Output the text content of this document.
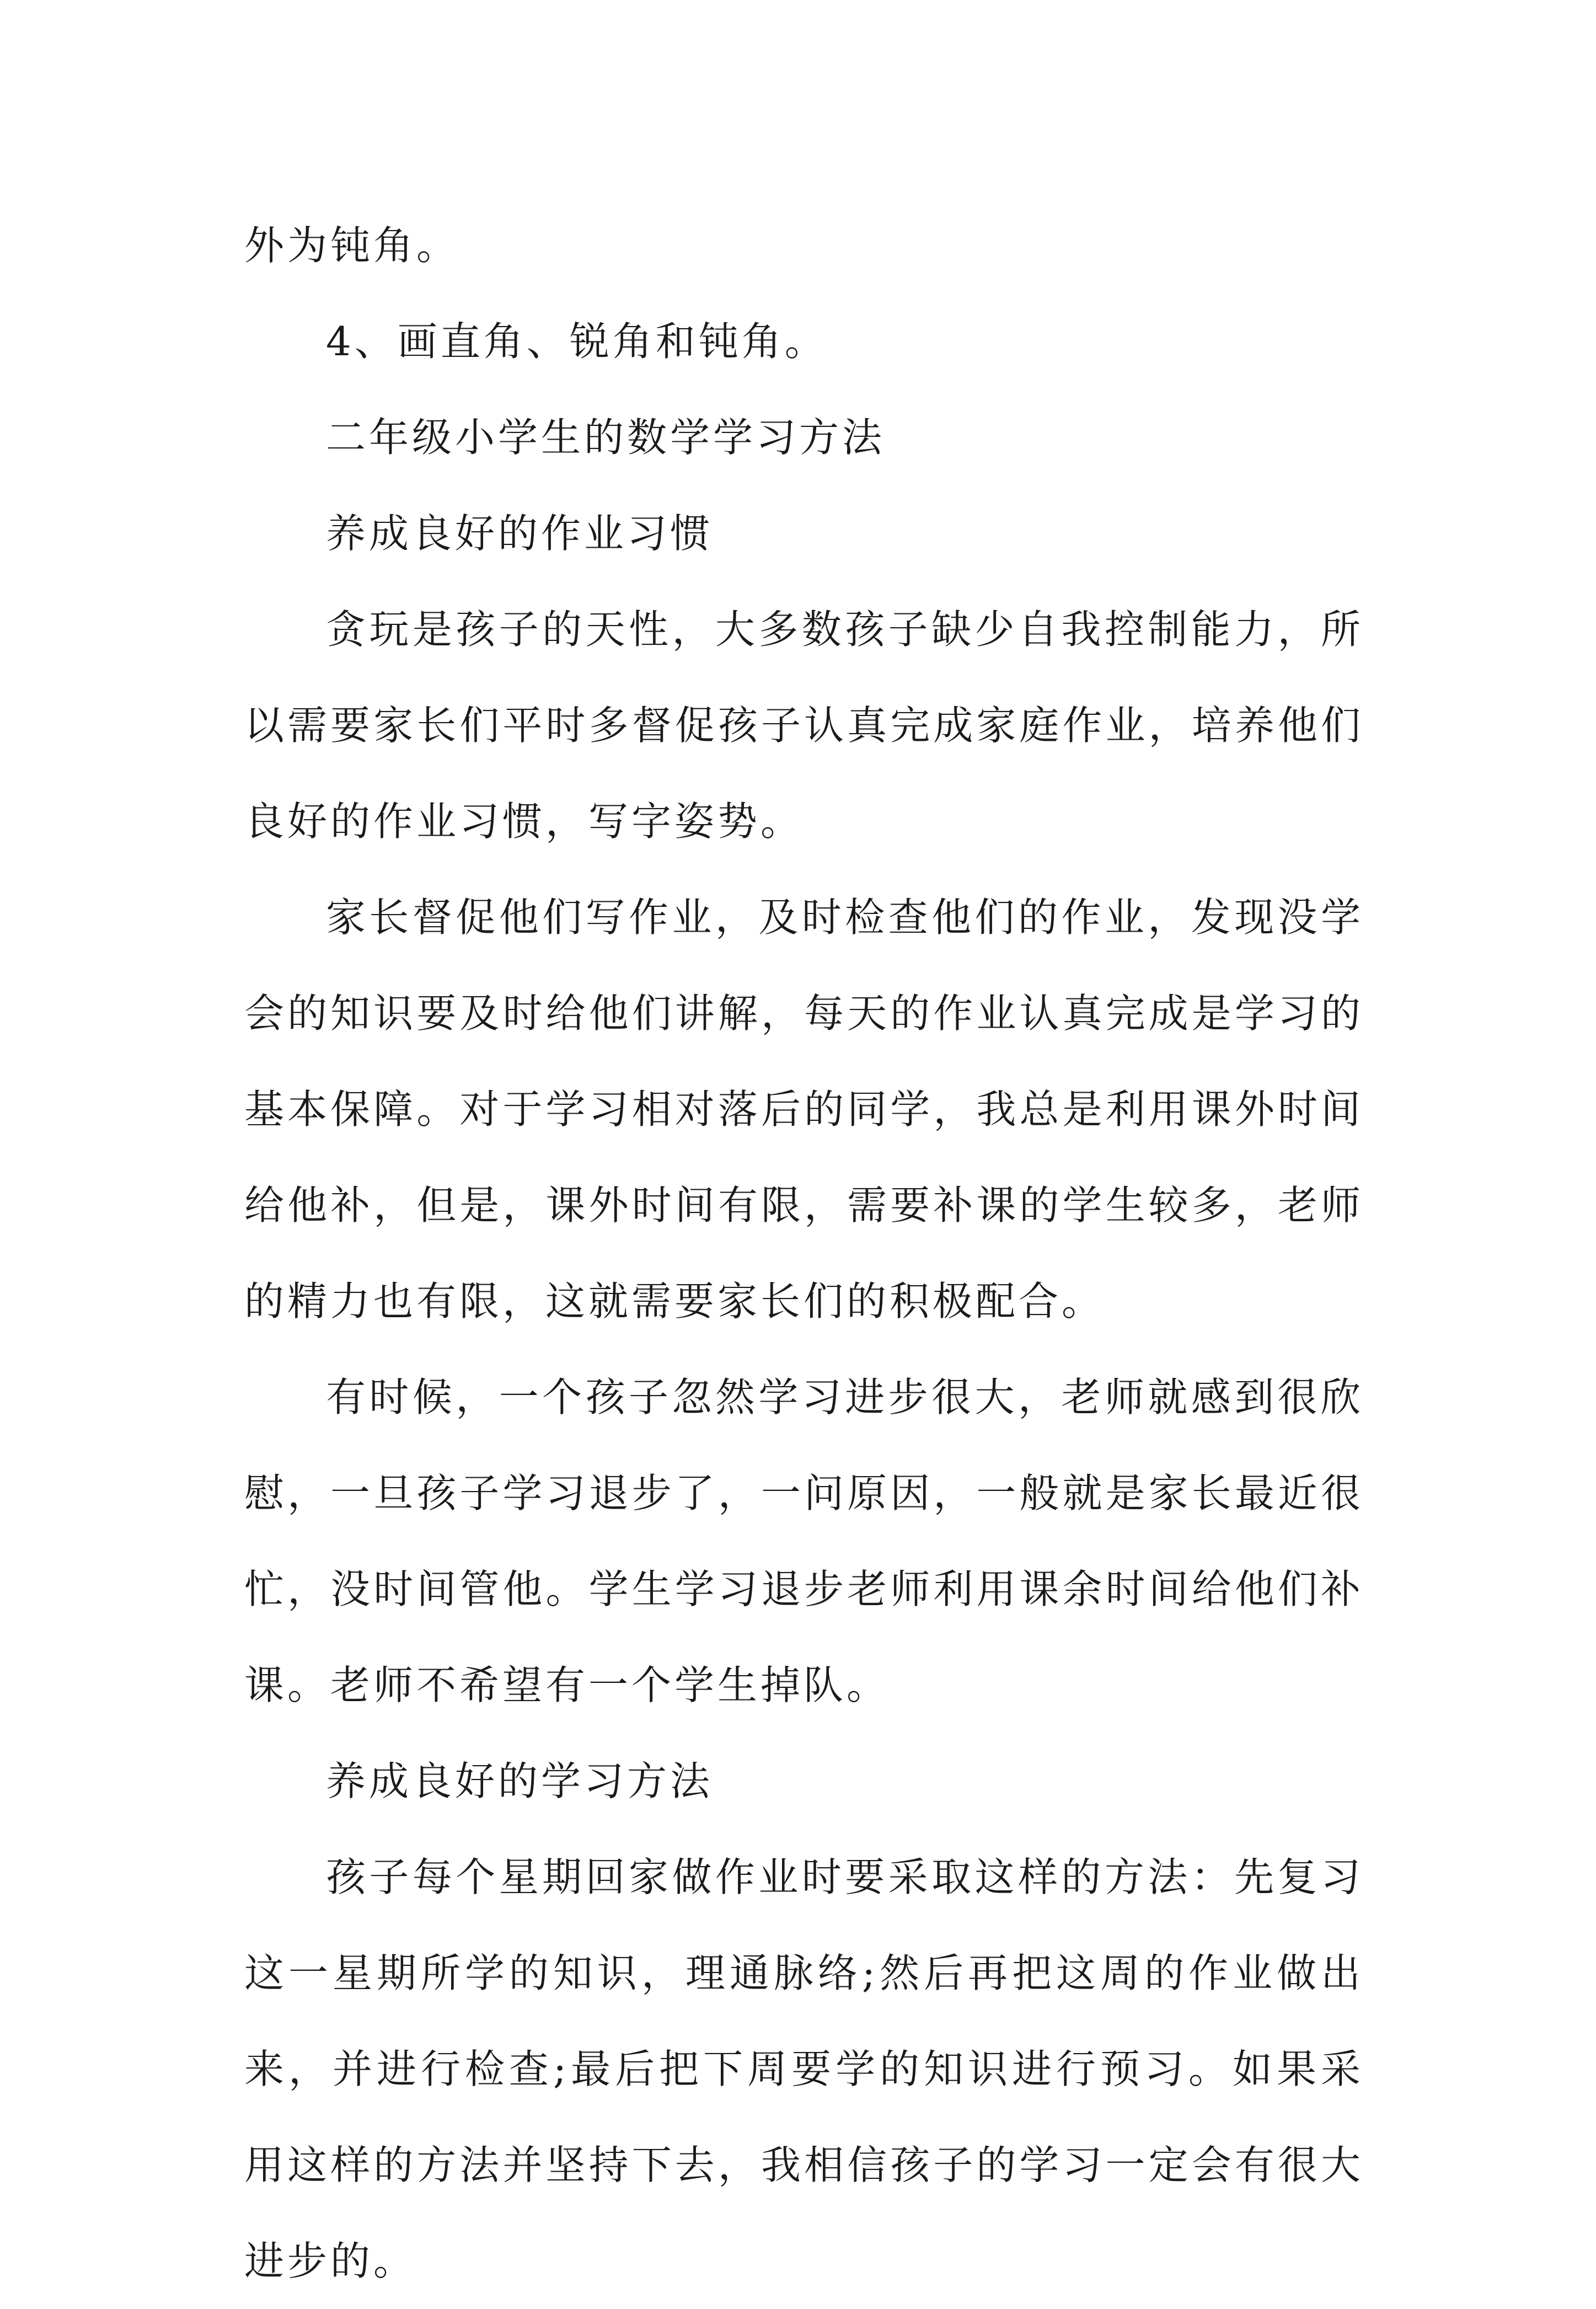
外为钝角。

4、画直角、锐角和钝角。

二年级小学生的数学学习方法

养成良好的作业习惯

贪玩是孩子的天性，大多数孩子缺少自我控制能力，所以需要家长们平时多督促孩子认真完成家庭作业，培养他们良好的作业习惯，写字姿势。

家长督促他们写作业，及时检查他们的作业，发现没学会的知识要及时给他们讲解，每天的作业认真完成是学习的基本保障。对于学习相对落后的同学，我总是利用课外时间给他补，但是，课外时间有限，需要补课的学生较多，老师的精力也有限，这就需要家长们的积极配合。

有时候，一个孩子忽然学习进步很大，老师就感到很欣慰，一旦孩子学习退步了，一问原因，一般就是家长最近很忙，没时间管他。学生学习退步老师利用课余时间给他们补课。老师不希望有一个学生掉队。

养成良好的学习方法

孩子每个星期回家做作业时要采取这样的方法：先复习这一星期所学的知识，理通脉络;然后再把这周的作业做出来，并进行检查;最后把下周要学的知识进行预习。如果采用这样的方法并坚持下去，我相信孩子的学习一定会有很大进步的。
